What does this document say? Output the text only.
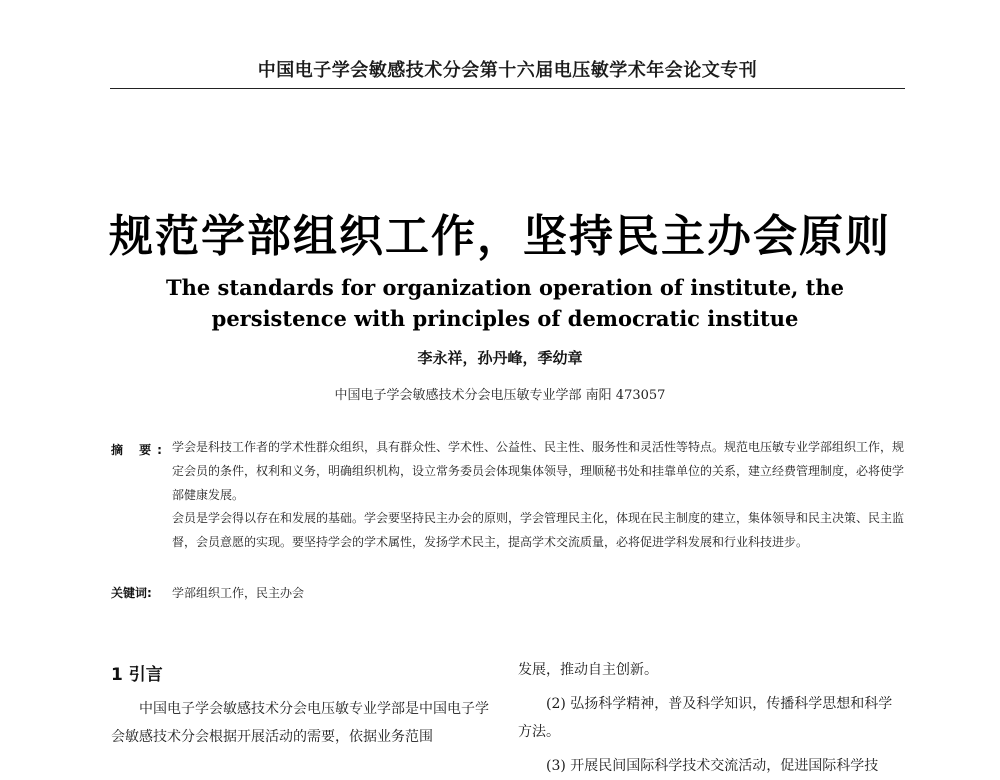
中国电子学会敏感技术分会第十六届电压敏学术年会论文专刊
规范学部组织工作，坚持民主办会原则
The standards for organization operation of institute, the persistence with principles of democratic institue
李永祥，孙丹峰，季幼章
中国电子学会敏感技术分会电压敏专业学部 南阳 473057
摘 要: 学会是科技工作者的学术性群众组织，具有群众性、学术性、公益性、民主性、服务性和灵活性等特点。规范电压敏专业学部组织工作，规定会员的条件，权利和义务，明确组织机构，设立常务委员会体现集体领导，理顺秘书处和挂靠单位的关系，建立经费管理制度，必将使学部健康发展。

会员是学会得以存在和发展的基础。学会要坚持民主办会的原则，学会管理民主化，体现在民主制度的建立，集体领导和民主决策、民主监督，会员意愿的实现。要坚持学会的学术属性，发扬学术民主，提高学术交流质量，必将促进学科发展和行业科技进步。

关键词: 学部组织工作，民主办会
1 引言

中国电子学会敏感技术分会电压敏专业学部是中国电子学会敏感技术分会根据开展活动的需要，依据业务范围

发展，推动自主创新。

(2) 弘扬科学精神，普及科学知识，传播科学思想和科学方法。

(3) 开展民间国际科学技术交流活动，促进国际科学技
